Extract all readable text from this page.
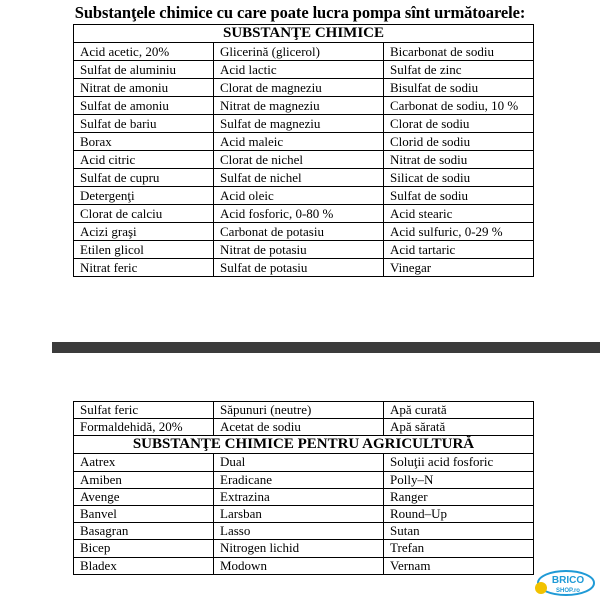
Substanţele chimice cu care poate lucra pompa sînt următoarele:
SUBSTANŢE CHIMICE		
Acid acetic, 20%	Glicerină (glicerol)	Bicarbonat de sodiu
Sulfat de aluminiu	Acid lactic	Sulfat de zinc
Nitrat de amoniu	Clorat de magneziu	Bisulfat de sodiu
Sulfat de amoniu	Nitrat de magneziu	Carbonat de sodiu, 10 %
Sulfat de bariu	Sulfat de magneziu	Clorat de sodiu
Borax	Acid maleic	Clorid de sodiu
Acid citric	Clorat de nichel	Nitrat de sodiu
Sulfat de cupru	Sulfat de nichel	Silicat de sodiu
Detergenţi	Acid oleic	Sulfat de sodiu
Clorat de calciu	Acid fosforic, 0-80 %	Acid stearic
Acizi graşi	Carbonat de potasiu	Acid sulfuric, 0-29 %
Etilen glicol	Nitrat de potasiu	Acid tartaric
Nitrat feric	Sulfat de potasiu	Vinegar
Sulfat feric	Săpunuri (neutre)	Apă curată
Formaldehidă, 20%	Acetat de sodiu	Apă sărată
SUBSTANŢE CHIMICE PENTRU AGRICULTURĂ		
Aatrex	Dual	Soluţii acid fosforic
Amiben	Eradicane	Polly–N
Avenge	Extrazina	Ranger
Banvel	Larsban	Round–Up
Basagran	Lasso	Sutan
Bicep	Nitrogen lichid	Trefan
Bladex	Modown	Vernam
BRICO
SHOP.ro
